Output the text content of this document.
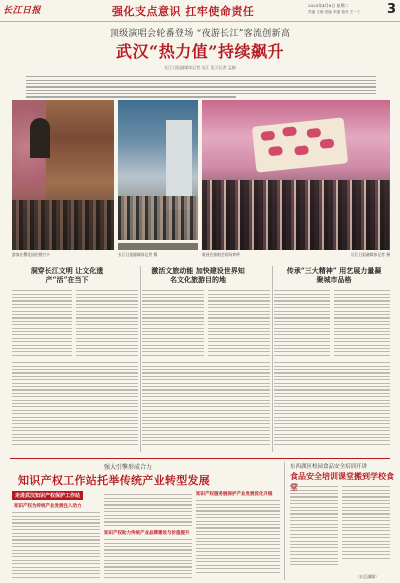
长江日报	强化支点意识 扛牢使命责任	2025年4月8日 星期二
责编 王朗 美编 李盛 校对 王一丁 3
顶级演唱会轮番登场 “夜游长江”客流创新高
武汉“热力值”持续飙升
长江日报融媒体记者 吴江 见习记者 孟颖
游客在樱花园拍照打卡	长江日报融媒体记者 摄	歌迷在演唱会现场欢呼	长江日报融媒体记者 摄
洞穿长江文明 让文化遗产“活”在当下
激活文旅动能 加快建设世界知名文化旅游目的地
传承“三大精神” 用艺展力量凝聚城市品格
强大引擎形成合力
知识产权工作站托举传统产业转型发展
走进武汉知识产权保护工作站
知识产权为传统产业发展注入动力
知识产权服务链保护产业发展优化升级
知识产权助力传统产业品牌建设与价值提升
东西湖区校园食品安全培训开讲
食品安全培训课堂搬到学校食
（长江融媒）
